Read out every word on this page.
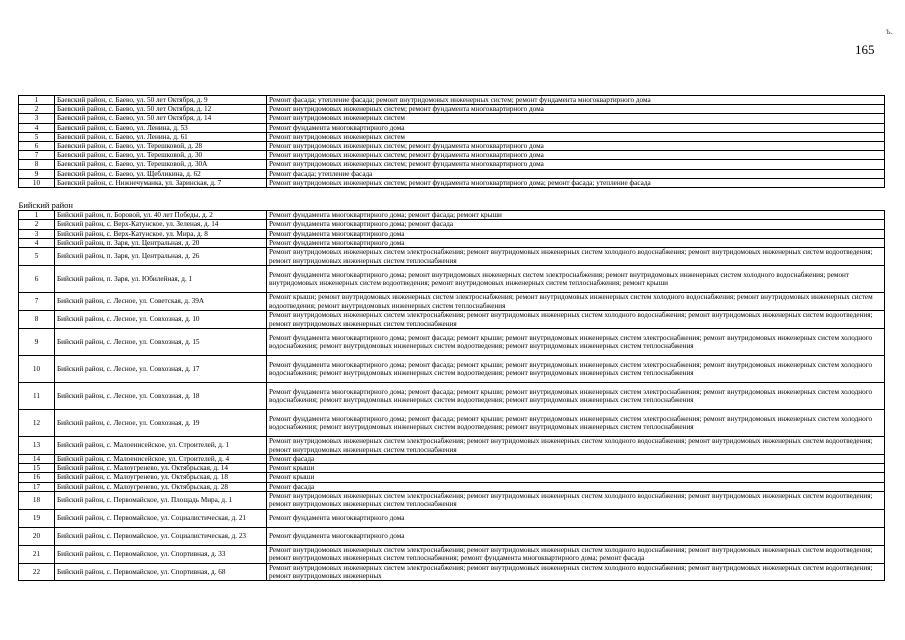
ъ.
165
1	Баевский район, с. Баево, ул. 50 лет Октября, д. 9	Ремонт фасада; утепление фасада; ремонт внутридомовых инженерных систем; ремонт фундамента многоквартирного дома
2	Баевский район, с. Баево, ул. 50 лет Октября, д. 12	Ремонт внутридомовых инженерных систем; ремонт фундамента многоквартирного дома
3	Баевский район, с. Баево, ул. 50 лет Октября, д. 14	Ремонт внутридомовых инженерных систем
4	Баевский район, с. Баево, ул. Ленина, д. 53	Ремонт фундамента многоквартирного дома
5	Баевский район, с. Баево, ул. Ленина, д. 61	Ремонт внутридомовых инженерных систем
6	Баевский район, с. Баево, ул. Терешковой, д. 28	Ремонт внутридомовых инженерных систем; ремонт фундамента многоквартирного дома
7	Баевский район, с. Баево, ул. Терешковой, д. 30	Ремонт внутридомовых инженерных систем; ремонт фундамента многоквартирного дома
8	Баевский район, с. Баево, ул. Терешковой, д. 30А	Ремонт внутридомовых инженерных систем; ремонт фундамента многоквартирного дома
9	Баевский район, с. Баево, ул. Щебликина, д. 62	Ремонт фасада; утепление фасада
10	Баевский район, с. Нижнечуманка, ул. Заринская, д. 7	Ремонт внутридомовых инженерных систем; ремонт фундамента многоквартирного дома; ремонт фасада; утепление фасада

Бийский район		
1	Бийский район, п. Боровой, ул. 40 лет Победы, д. 2	Ремонт фундамента многоквартирного дома; ремонт фасада; ремонт крыши
2	Бийский район, с. Верх-Катунское, ул. Зеленая, д. 14	Ремонт фундамента многоквартирного дома; ремонт фасада
3	Бийский район, с. Верх-Катунское, ул. Мира, д. 8	Ремонт фундамента многоквартирного дома
4	Бийский район, п. Заря, ул. Центральная, д. 20	Ремонт фундамента многоквартирного дома
5	Бийский район, п. Заря, ул. Центральная, д. 26	Ремонт внутридомовых инженерных систем электроснабжения; ремонт внутридомовых инженерных систем холодного водоснабжения; ремонт внутридомовых инженерных систем водоотведения; ремонт внутридомовых инженерных систем теплоснабжения
6	Бийский район, п. Заря, ул. Юбилейная, д. 1	Ремонт фундамента многоквартирного дома; ремонт внутридомовых инженерных систем электроснабжения; ремонт внутридомовых инженерных систем холодного водоснабжения; ремонт внутридомовых инженерных систем водоотведения; ремонт внутридомовых инженерных систем теплоснабжения; ремонт крыши
7	Бийский район, с. Лесное, ул. Советская, д. 39А	Ремонт крыши; ремонт внутридомовых инженерных систем электроснабжения; ремонт внутридомовых инженерных систем холодного водоснабжения; ремонт внутридомовых инженерных систем водоотведения; ремонт внутридомовых инженерных систем теплоснабжения
8	Бийский район, с. Лесное, ул. Совхозная, д. 10	Ремонт внутридомовых инженерных систем электроснабжения; ремонт внутридомовых инженерных систем холодного водоснабжения; ремонт внутридомовых инженерных систем водоотведения; ремонт внутридомовых инженерных систем теплоснабжения
9	Бийский район, с. Лесное, ул. Совхозная, д. 15	Ремонт фундамента многоквартирного дома; ремонт фасада; ремонт крыши; ремонт внутридомовых инженерных систем электроснабжения; ремонт внутридомовых инженерных систем холодного водоснабжения; ремонт внутридомовых инженерных систем водоотведения; ремонт внутридомовых инженерных систем теплоснабжения
10	Бийский район, с. Лесное, ул. Совхозная, д. 17	Ремонт фундамента многоквартирного дома; ремонт фасада; ремонт крыши; ремонт внутридомовых инженерных систем электроснабжения; ремонт внутридомовых инженерных систем холодного водоснабжения; ремонт внутридомовых инженерных систем водоотведения; ремонт внутридомовых инженерных систем теплоснабжения
11	Бийский район, с. Лесное, ул. Совхозная, д. 18	Ремонт фундамента многоквартирного дома; ремонт фасада; ремонт крыши; ремонт внутридомовых инженерных систем электроснабжения; ремонт внутридомовых инженерных систем холодного водоснабжения; ремонт внутридомовых инженерных систем водоотведения; ремонт внутридомовых инженерных систем теплоснабжения
12	Бийский район, с. Лесное, ул. Совхозная, д. 19	Ремонт фундамента многоквартирного дома; ремонт фасада; ремонт крыши; ремонт внутридомовых инженерных систем электроснабжения; ремонт внутридомовых инженерных систем холодного водоснабжения; ремонт внутридомовых инженерных систем водоотведения; ремонт внутридомовых инженерных систем теплоснабжения
13	Бийский район, с. Малоенисейское, ул. Строителей, д. 1	Ремонт внутридомовых инженерных систем электроснабжения; ремонт внутридомовых инженерных систем холодного водоснабжения; ремонт внутридомовых инженерных систем водоотведения; ремонт внутридомовых инженерных систем теплоснабжения
14	Бийский район, с. Малоенисейское, ул. Строителей, д. 4	Ремонт фасада
15	Бийский район, с. Малоугренево, ул. Октябрьская, д. 14	Ремонт крыши
16	Бийский район, с. Малоугренево, ул. Октябрьская, д. 18	Ремонт крыши
17	Бийский район, с. Малоугренево, ул. Октябрьская, д. 28	Ремонт фасада
18	Бийский район, с. Первомайское, ул. Площадь Мира, д. 1	Ремонт внутридомовых инженерных систем электроснабжения; ремонт внутридомовых инженерных систем холодного водоснабжения; ремонт внутридомовых инженерных систем водоотведения; ремонт внутридомовых инженерных систем теплоснабжения
19	Бийский район, с. Первомайское, ул. Социалистическая, д. 21	Ремонт фундамента многоквартирного дома
20	Бийский район, с. Первомайское, ул. Социалистическая, д. 23	Ремонт фундамента многоквартирного дома
21	Бийский район, с. Первомайское, ул. Спортивная, д. 33	Ремонт внутридомовых инженерных систем электроснабжения; ремонт внутридомовых инженерных систем холодного водоснабжения; ремонт внутридомовых инженерных систем водоотведения; ремонт внутридомовых инженерных систем теплоснабжения; ремонт фундамента многоквартирного дома; ремонт фасада
22	Бийский район, с. Первомайское, ул. Спортивная, д. 68	Ремонт внутридомовых инженерных систем электроснабжения; ремонт внутридомовых инженерных систем холодного водоснабжения; ремонт внутридомовых инженерных систем водоотведения; ремонт внутридомовых инженерных
